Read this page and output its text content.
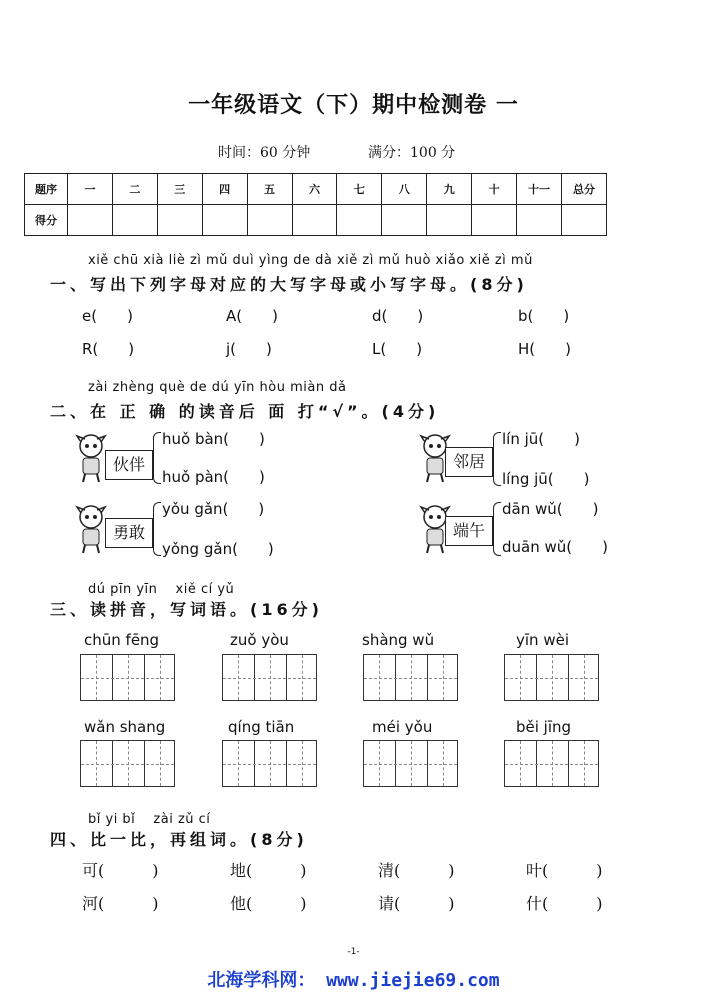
一年级语文（下）期中检测卷 一
时间：60 分钟	满分：100 分
题序	一	二	三	四	五	六	七	八	九	十	十一	总分
得分												
xiě chū xià liè zì mǔ duì yìng de dà xiě zì mǔ huò xiǎo xiě zì mǔ
一、写出下列字母对应的大写字母或小写字母。(8分)
e(　　)	A(　　)	d(　　)	b(　　)
R(　　)	j(　　)	L(　　)	H(　　)
zài zhèng què de dú yīn hòu miàn dǎ
二、在 正 确 的读音后 面 打“√”。(4分)
伙伴
huǒ bàn(　　)
huǒ pàn(　　)
邻居
lín jū(　　)
líng jū(　　)
勇敢
yǒu gǎn(　　)
yǒng gǎn(　　)
端午
dān wǔ(　　)
duān wǔ(　　)
dú pīn yīn　 xiě cí yǔ
三、读拼音，写词语。(16分)
chūn fēng	zuǒ yòu	shàng wǔ	yīn wèi
wǎn shang	qíng tiān	méi yǒu	běi jīng
bǐ yi bǐ　 zài zǔ cí
四、比一比，再组词。(8分)
可(　　　)	地(　　　)	清(　　　)	叶(　　　)
河(　　　)	他(　　　)	请(　　　)	什(　　　)
-1-
北海学科网： www.jiejie69.com
